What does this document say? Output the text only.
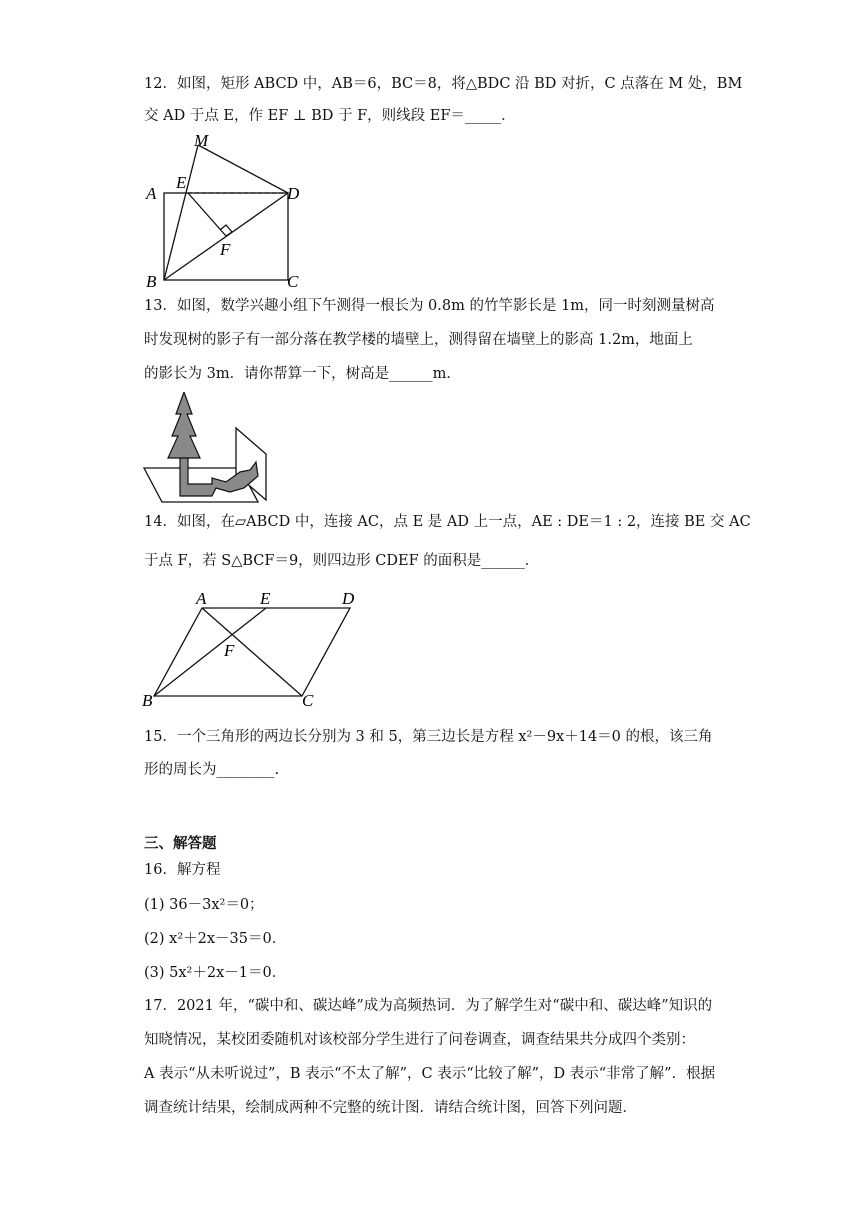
12．如图，矩形 ABCD 中，AB＝6，BC＝8，将△BDC 沿 BD 对折，C 点落在 M 处，BM
交 AD 于点 E，作 EF ⊥ BD 于 F，则线段 EF＝_____．
M
A
E
D
F
B	C
13．如图，数学兴趣小组下午测得一根长为 0.8m 的竹竿影长是 1m，同一时刻测量树高
时发现树的影子有一部分落在教学楼的墙壁上，测得留在墙壁上的影高 1.2m，地面上
的影长为 3m．请你帮算一下，树高是______m．
14．如图，在▱ABCD 中，连接 AC，点 E 是 AD 上一点，AE : DE＝1 : 2，连接 BE 交 AC
于点 F，若 S△BCF＝9，则四边形 CDEF 的面积是______．
A	E	D
F
B	C
15．一个三角形的两边长分别为 3 和 5，第三边长是方程 x²－9x＋14＝0 的根，该三角
形的周长为________.
三、解答题
16．解方程
(1) 36－3x²＝0；
(2) x²＋2x－35＝0．
(3) 5x²＋2x－1＝0．
17．2021 年，“碳中和、碳达峰”成为高频热词．为了解学生对“碳中和、碳达峰”知识的
知晓情况，某校团委随机对该校部分学生进行了问卷调查，调查结果共分成四个类别：
A 表示“从未听说过”，B 表示“不太了解”，C 表示“比较了解”，D 表示“非常了解”．根据
调查统计结果，绘制成两种不完整的统计图．请结合统计图，回答下列问题．
